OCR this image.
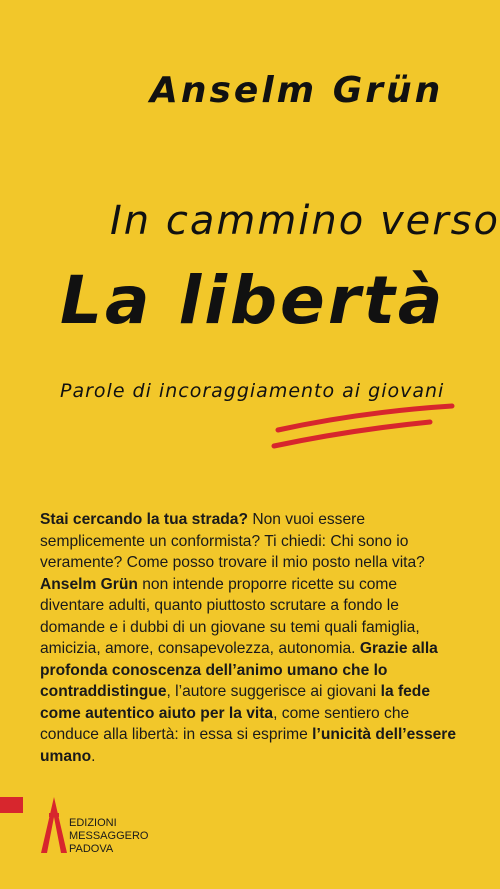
Anselm Grün
In cammino verso
La libertà
Parole di incoraggiamento ai giovani

Stai cercando la tua strada? Non vuoi essere semplicemente un conformista? Ti chiedi: Chi sono io veramente? Come posso trovare il mio posto nella vita? Anselm Grün non intende proporre ricette su come diventare adulti, quanto piuttosto scrutare a fondo le domande e i dubbi di un giovane su temi quali famiglia, amicizia, amore, consapevolezza, autonomia. Grazie alla profonda conoscenza dell’animo umano che lo contraddistingue, l’autore suggerisce ai giovani la fede come autentico aiuto per la vita, come sentiero che conduce alla libertà: in essa si esprime l’unicità dell’essere umano.

EDIZIONI
MESSAGGERO
PADOVA
